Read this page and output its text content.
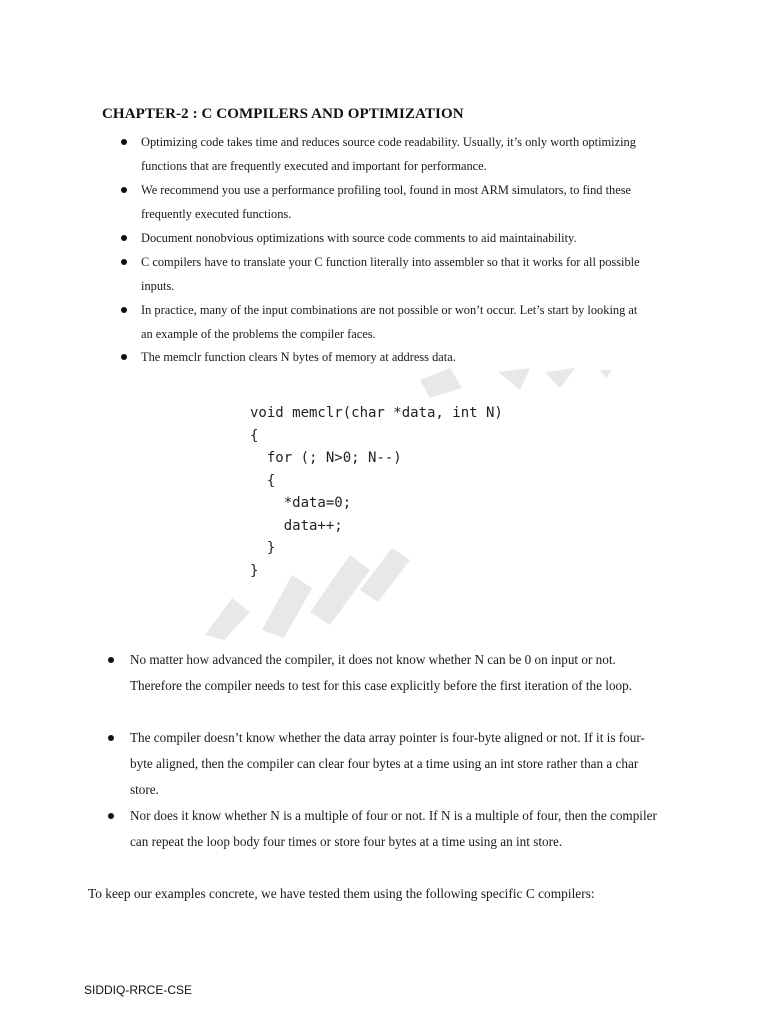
CHAPTER-2 : C COMPILERS AND OPTIMIZATION
Optimizing code takes time and reduces source code readability. Usually, it’s only worth optimizing functions that are frequently executed and important for performance.
We recommend you use a performance profiling tool, found in most ARM simulators, to find these frequently executed functions.
Document nonobvious optimizations with source code comments to aid maintainability.
C compilers have to translate your C function literally into assembler so that it works for all possible inputs.
In practice, many of the input combinations are not possible or won’t occur. Let’s start by looking at an example of the problems the compiler faces.
The memclr function clears N bytes of memory at address data.
void memclr(char *data, int N)
{
for (; N>0; N--)
{
*data=0;
data++;
}
}
No matter how advanced the compiler, it does not know whether N can be 0 on input or not. Therefore the compiler needs to test for this case explicitly before the first iteration of the loop.
The compiler doesn’t know whether the data array pointer is four-byte aligned or not. If it is four-byte aligned, then the compiler can clear four bytes at a time using an int store rather than a char store.
Nor does it know whether N is a multiple of four or not. If N is a multiple of four, then the compiler can repeat the loop body four times or store four bytes at a time using an int store.
To keep our examples concrete, we have tested them using the following specific C compilers:
SIDDIQ-RRCE-CSE
